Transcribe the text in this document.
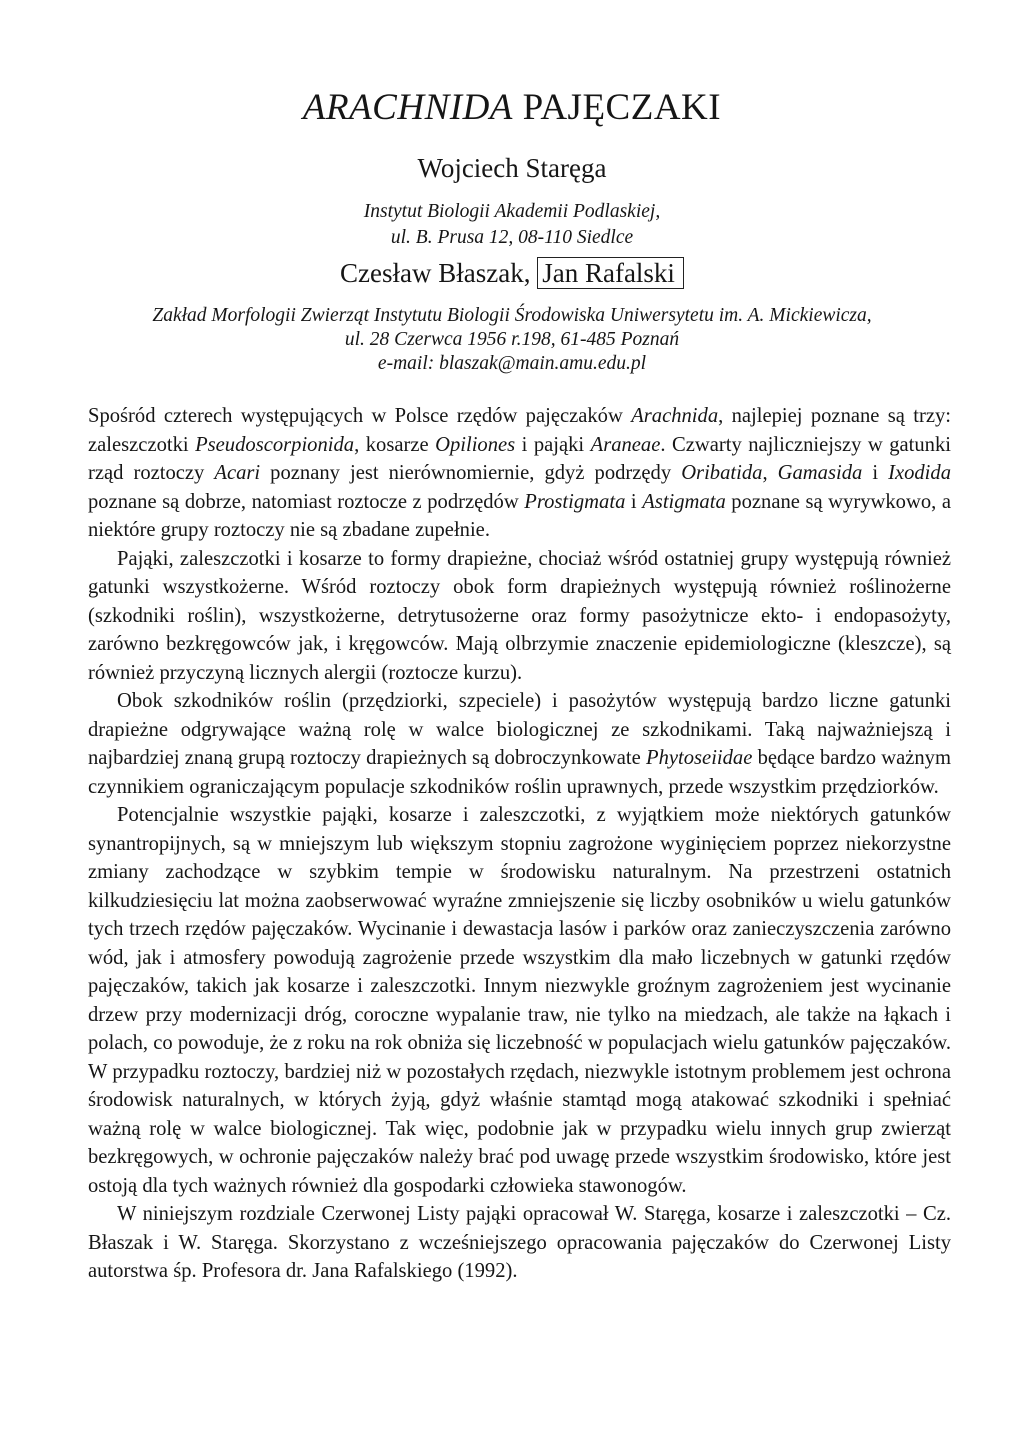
ARACHNIDA PAJĘCZAKI
Wojciech Staręga
Instytut Biologii Akademii Podlaskiej,
ul. B. Prusa 12, 08-110 Siedlce
Czesław Błaszak, Jan Rafalski
Zakład Morfologii Zwierząt Instytutu Biologii Środowiska Uniwersytetu im. A. Mickiewicza,
ul. 28 Czerwca 1956 r.198, 61-485 Poznań
e-mail: blaszak@main.amu.edu.pl

Spośród czterech występujących w Polsce rzędów pajęczaków Arachnida, najlepiej poznane są trzy: zaleszczotki Pseudoscorpionida, kosarze Opiliones i pająki Araneae. Czwarty najliczniejszy w gatunki rząd roztoczy Acari poznany jest nierównomiernie, gdyż podrzędy Oribatida, Gamasida i Ixodida poznane są dobrze, natomiast roztocze z podrzędów Prostigmata i Astigmata poznane są wyrywkowo, a niektóre grupy roztoczy nie są zbadane zupełnie.

Pająki, zaleszczotki i kosarze to formy drapieżne, chociaż wśród ostatniej grupy występują również gatunki wszystkożerne. Wśród roztoczy obok form drapieżnych występują również roślinożerne (szkodniki roślin), wszystkożerne, detrytusożerne oraz formy pasożytnicze ekto- i endopasożyty, zarówno bezkręgowców jak, i kręgowców. Mają olbrzymie znaczenie epidemiologiczne (kleszcze), są również przyczyną licznych alergii (roztocze kurzu).

Obok szkodników roślin (przędziorki, szpeciele) i pasożytów występują bardzo liczne gatunki drapieżne odgrywające ważną rolę w walce biologicznej ze szkodnikami. Taką najważniejszą i najbardziej znaną grupą roztoczy drapieżnych są dobroczynkowate Phytoseiidae będące bardzo ważnym czynnikiem ograniczającym populacje szkodników roślin uprawnych, przede wszystkim przędziorków.

Potencjalnie wszystkie pająki, kosarze i zaleszczotki, z wyjątkiem może niektórych gatunków synantropijnych, są w mniejszym lub większym stopniu zagrożone wyginięciem poprzez niekorzystne zmiany zachodzące w szybkim tempie w środowisku naturalnym. Na przestrzeni ostatnich kilkudziesięciu lat można zaobserwować wyraźne zmniejszenie się liczby osobników u wielu gatunków tych trzech rzędów pajęczaków. Wycinanie i dewastacja lasów i parków oraz zanieczyszczenia zarówno wód, jak i atmosfery powodują zagrożenie przede wszystkim dla mało liczebnych w gatunki rzędów pajęczaków, takich jak kosarze i zaleszczotki. Innym niezwykle groźnym zagrożeniem jest wycinanie drzew przy modernizacji dróg, coroczne wypalanie traw, nie tylko na miedzach, ale także na łąkach i polach, co powoduje, że z roku na rok obniża się liczebność w populacjach wielu gatunków pajęczaków. W przypadku roztoczy, bardziej niż w pozostałych rzędach, niezwykle istotnym problemem jest ochrona środowisk naturalnych, w których żyją, gdyż właśnie stamtąd mogą atakować szkodniki i spełniać ważną rolę w walce biologicznej. Tak więc, podobnie jak w przypadku wielu innych grup zwierząt bezkręgowych, w ochronie pajęczaków należy brać pod uwagę przede wszystkim środowisko, które jest ostoją dla tych ważnych również dla gospodarki człowieka stawonogów.

W niniejszym rozdziale Czerwonej Listy pająki opracował W. Staręga, kosarze i zaleszczotki – Cz. Błaszak i W. Staręga. Skorzystano z wcześniejszego opracowania pajęczaków do Czerwonej Listy autorstwa śp. Profesora dr. Jana Rafalskiego (1992).
